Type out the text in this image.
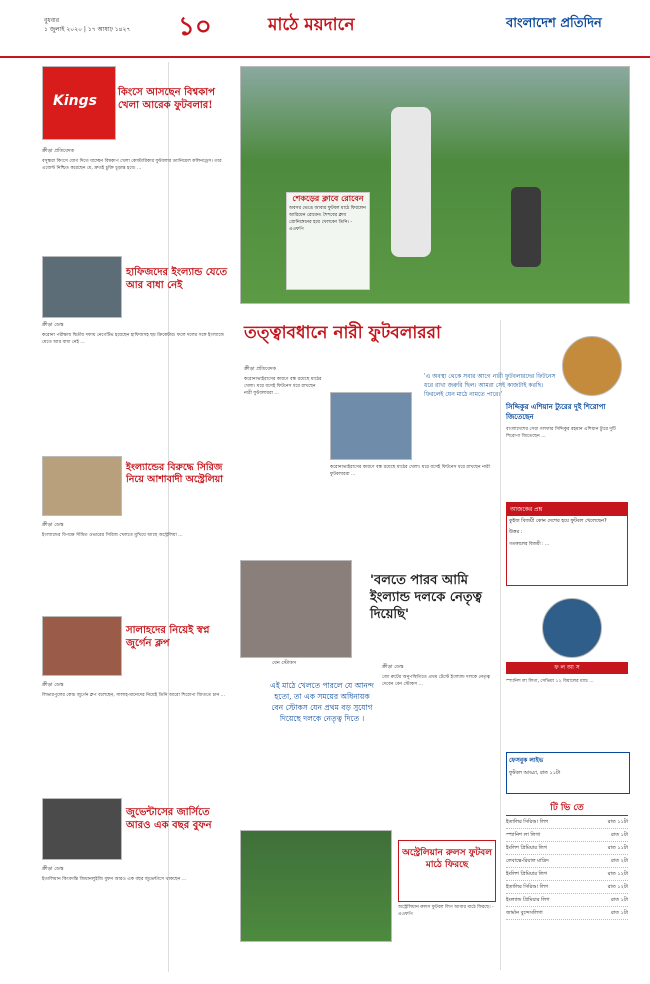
বুধবার
১ জুলাই ২০২০ | ১৭ আষাঢ় ১৪২৭ ১০	মাঠে ময়দানে	বাংলাদেশ প্রতিদিন
Kings
কিংসে আসছেন বিশ্বকাপ খেলা আরেক ফুটবলার!
ক্রীড়া প্রতিবেদক
বসুন্ধরা কিংসে যোগ দিতে যাচ্ছেন বিশ্বকাপ খেলা কোস্টারিকার ফুটবলার ড্যানিয়েল কলিনড্রেস। তার এজেন্ট নিশ্চিত করেছেন যে, দ্রুতই চুক্তি চূড়ান্ত হবে। ...
শেকড়ের ক্লাবে রোবেন
অবসর ভেঙে আবার ফুটবল মাঠে ফিরলেন আরিয়েন রোবেন। শৈশবের ক্লাব গ্রোনিঙ্গেনের হয়ে খেলবেন তিনি। - এএফপি
হাফিজদের ইংল্যান্ড যেতে আর বাধা নেই
ক্রীড়া ডেস্ক
করোনা পরীক্ষায় দ্বিতীয় দফায় নেগেটিভ হয়েছেন হাফিজসহ ছয় ক্রিকেটার। ফলে দলের সঙ্গে ইংল্যান্ডে যেতে আর বাধা নেই ...	তত্ত্বাবধানে নারী ফুটবলাররা
ক্রীড়া প্রতিবেদক
করোনাভাইরাসের কারণে বন্ধ রয়েছে মাঠের খেলা। ঘরে বসেই ফিটনেস ধরে রাখছেন নারী ফুটবলাররা ...
করোনাভাইরাসের কারণে বন্ধ রয়েছে মাঠের খেলা। ঘরে বসেই ফিটনেস ধরে রাখছেন নারী ফুটবলাররা ...
'এ অবস্থা থেকে সবার আগে নারী ফুটবলারদের ফিটনেস ধরে রাখা জরুরি ছিল। আমরা সেই কাজটাই করছি। ফিরলেই যেন মাঠে নামতে পারে।'
সিদ্দিকুর এশিয়ান ট্যুরের দুই শিরোপা জিতেছেন
বাংলাদেশের সেরা গলফার সিদ্দিকুর রহমান এশিয়ান ট্যুরে দুটি শিরোপা জিতেছেন ...
আজকের প্রশ্ন
কুইজ বিজয়ী কোন দেশের হয়ে ফুটবল খেলেছেন?
উত্তর :
গতকালের বিজয়ী : ...
ইংল্যান্ডের বিরুদ্ধে সিরিজ নিয়ে আশাবাদী অস্ট্রেলিয়া
ক্রীড়া ডেস্ক
ইংল্যান্ডের বিপক্ষে সীমিত ওভারের সিরিজ খেলতে মুখিয়ে আছে অস্ট্রেলিয়া ...
বেন স্টোকস
'বলতে পারব আমি ইংল্যান্ড দলকে নেতৃত্ব দিয়েছি'
ক্রীড়া ডেস্ক
জো রুটের অনুপস্থিতিতে প্রথম টেস্টে ইংল্যান্ড দলকে নেতৃত্ব দেবেন বেন স্টোকস ...
এই মাঠে খেলতে পারলে যে আনন্দ হতো, তা এক সময়ের অধিনায়ক বেন স্টোকস যেন প্রথম বড় সুযোগ দিয়েছে দলকে নেতৃত্ব দিতে ।
সালাহদের নিয়েই স্বপ্ন জুর্গেন ক্লপ
ক্রীড়া ডেস্ক
লিভারপুলের কোচ জুর্গেন ক্লপ বলেছেন, সালাহ-মানেদের নিয়েই তিনি আরো শিরোপা জিততে চান ...
জুভেন্টাসের জার্সিতে আরও এক বছর বুফন
ক্রীড়া ডেস্ক
ইতালিয়ান কিংবদন্তি জিয়ানলুইজি বুফন আরও এক বছর জুভেন্টাসে থাকছেন ...
অস্ট্রেলিয়ান রুলস ফুটবল মাঠে ফিরছে
অস্ট্রেলিয়ান রুলস ফুটবল লিগ আবার মাঠে ফিরছে। - এএফপি
ফ ল আ স
স্প্যানিশ লা লিগা, সেভিয়া ১২ বিয়ালের ম্যাচ ...
ফেসবুক লাইভ
ফুটবল আড্ডা, রাত ১১টা
টি ভি তে
ইতালির সিরিআ লিগ	রাত ১১টা
স্প্যানিশ লা লিগা	রাত ১টা
ইংলিশ প্রিমিয়ার লিগ	রাত ১১টা
লেবান্তে-রিয়াল মাদ্রিদ	রাত ২টা
ইংলিশ প্রিমিয়ার লিগ	রাত ১২টা
ইতালির সিরিআ লিগ	রাত ১২টা
ইংল্যান্ড প্রিমিয়ার লিগ	রাত ১টা
জার্মান বুন্দেসলিগা	রাত ১টা
